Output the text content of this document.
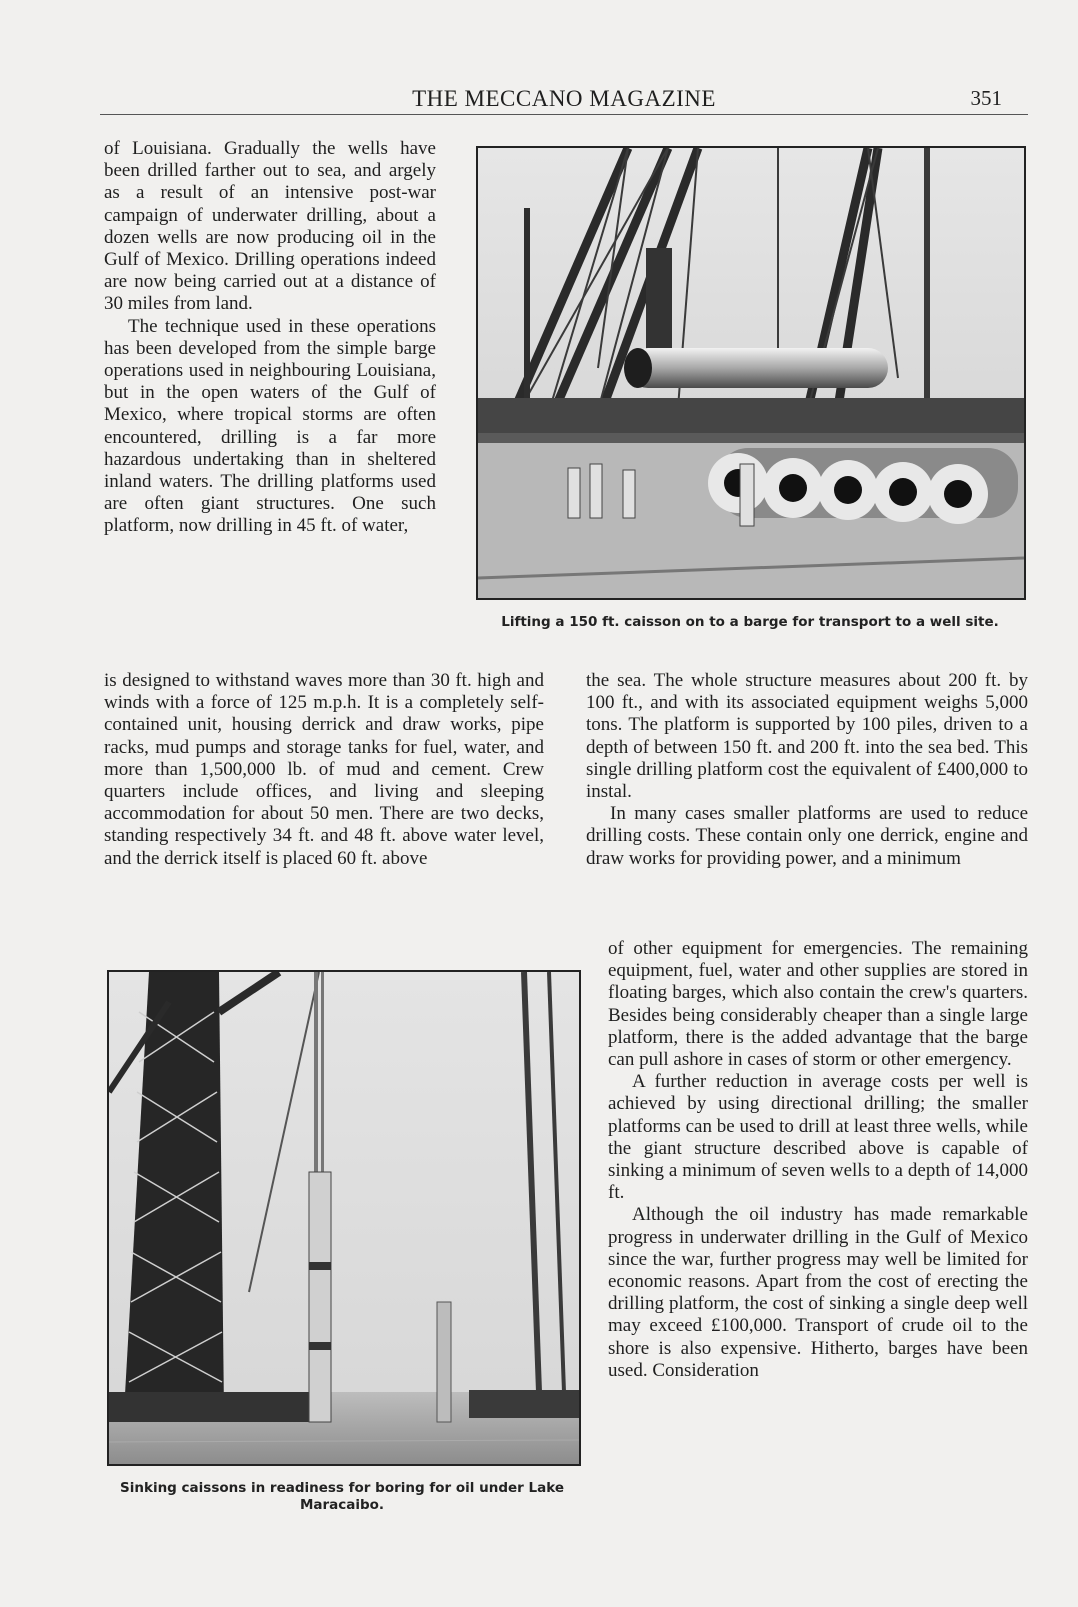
THE MECCANO MAGAZINE	351
Lifting a 150 ft. caisson on to a barge for transport to a well site.
Sinking caissons in readiness for boring for oil under Lake Maracaibo.

of Louisiana. Gradually the wells have been drilled farther out to sea, and argely as a result of an intensive post-war campaign of underwater drilling, about a dozen wells are now producing oil in the Gulf of Mexico. Drilling operations indeed are now being carried out at a distance of 30 miles from land.

The technique used in these operations has been developed from the simple barge operations used in neighbouring Louisiana, but in the open waters of the Gulf of Mexico, where tropical storms are often encountered, drilling is a far more hazardous undertaking than in sheltered inland waters. The drilling platforms used are often giant structures. One such platform, now drilling in 45 ft. of water,

is designed to withstand waves more than 30 ft. high and winds with a force of 125 m.p.h. It is a completely self-contained unit, housing derrick and draw works, pipe racks, mud pumps and storage tanks for fuel, water, and more than 1,500,000 lb. of mud and cement. Crew quarters include offices, and living and sleeping accommodation for about 50 men. There are two decks, standing respectively 34 ft. and 48 ft. above water level, and the derrick itself is placed 60 ft. above

the sea. The whole structure measures about 200 ft. by 100 ft., and with its associated equipment weighs 5,000 tons. The platform is supported by 100 piles, driven to a depth of between 150 ft. and 200 ft. into the sea bed. This single drilling platform cost the equivalent of £400,000 to instal.

In many cases smaller platforms are used to reduce drilling costs. These contain only one derrick, engine and draw works for providing power, and a minimum

of other equipment for emergencies. The remaining equipment, fuel, water and other supplies are stored in floating barges, which also contain the crew's quarters. Besides being considerably cheaper than a single large platform, there is the added advantage that the barge can pull ashore in cases of storm or other emergency.

A further reduction in average costs per well is achieved by using directional drilling; the smaller platforms can be used to drill at least three wells, while the giant structure described above is capable of sinking a minimum of seven wells to a depth of 14,000 ft.

Although the oil industry has made remarkable progress in underwater drilling in the Gulf of Mexico since the war, further progress may well be limited for economic reasons. Apart from the cost of erecting the drilling platform, the cost of sinking a single deep well may exceed £100,000. Transport of crude oil to the shore is also expensive. Hitherto, barges have been used. Consideration
